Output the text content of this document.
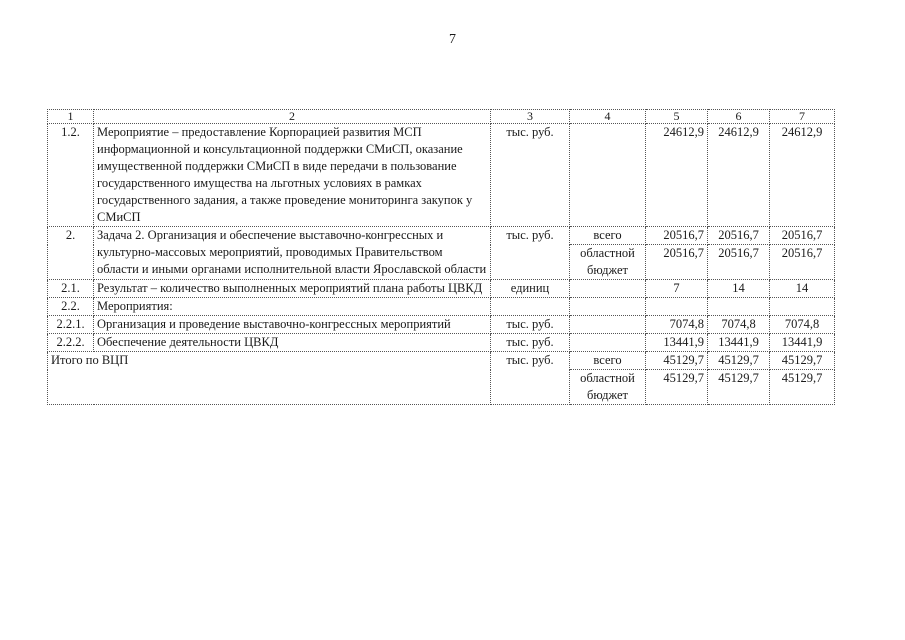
7
1	2	3	4	5	6	7
1.2.	Мероприятие – предоставление Корпорацией развития МСП информационной и консультационной поддержки СМиСП, оказание имущественной поддержки СМиСП в виде передачи в пользование государственного имущества на льготных условиях в рамках государственного задания, а также проведение мониторинга закупок у СМиСП	тыс. руб.		24612,9	24612,9	24612,9
2.	Задача 2. Организация и обеспечение выставочно-конгрессных и культурно-массовых мероприятий, проводимых Правительством области и иными органами исполнительной власти Ярославской области	тыс. руб.	всего	20516,7	20516,7	20516,7
			областной бюджет	20516,7	20516,7	20516,7
2.1.	Результат – количество выполненных мероприятий плана работы ЦВКД	единиц		7	14	14
2.2.	Мероприятия:					
2.2.1.	Организация и проведение выставочно-конгрессных мероприятий	тыс. руб.		7074,8	7074,8	7074,8
2.2.2.	Обеспечение деятельности ЦВКД	тыс. руб.		13441,9	13441,9	13441,9
Итого по ВЦП		тыс. руб.	всего	45129,7	45129,7	45129,7
			областной бюджет	45129,7	45129,7	45129,7
